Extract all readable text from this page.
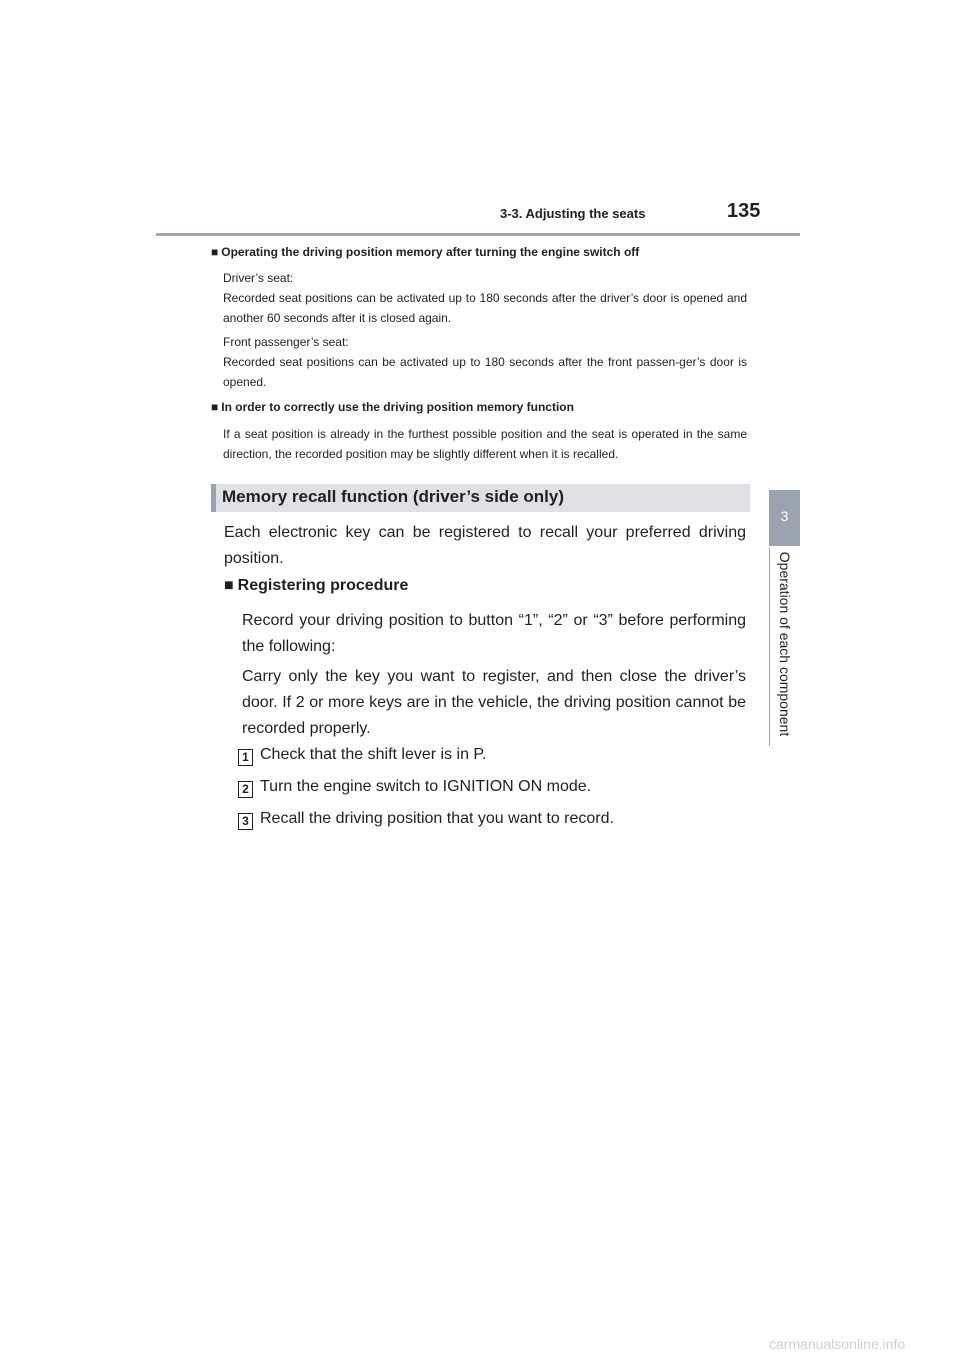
3-3. Adjusting the seats	135
3
Operation of each component
■ Operating the driving position memory after turning the engine switch off

Driver’s seat:

Recorded seat positions can be activated up to 180 seconds after the driver’s door is opened and another 60 seconds after it is closed again.

Front passenger’s seat:

Recorded seat positions can be activated up to 180 seconds after the front passen-ger’s door is opened.

■ In order to correctly use the driving position memory function

If a seat position is already in the furthest possible position and the seat is operated in the same direction, the recorded position may be slightly different when it is recalled.

Memory recall function (driver’s side only)

Each electronic key can be registered to recall your preferred driving position.

■ Registering procedure

Record your driving position to button “1”, “2” or “3” before performing the following:

Carry only the key you want to register, and then close the driver’s door. If 2 or more keys are in the vehicle, the driving position cannot be recorded properly.

1 Check that the shift lever is in P.
2 Turn the engine switch to IGNITION ON mode.
3 Recall the driving position that you want to record.
carmanualsonline.info
